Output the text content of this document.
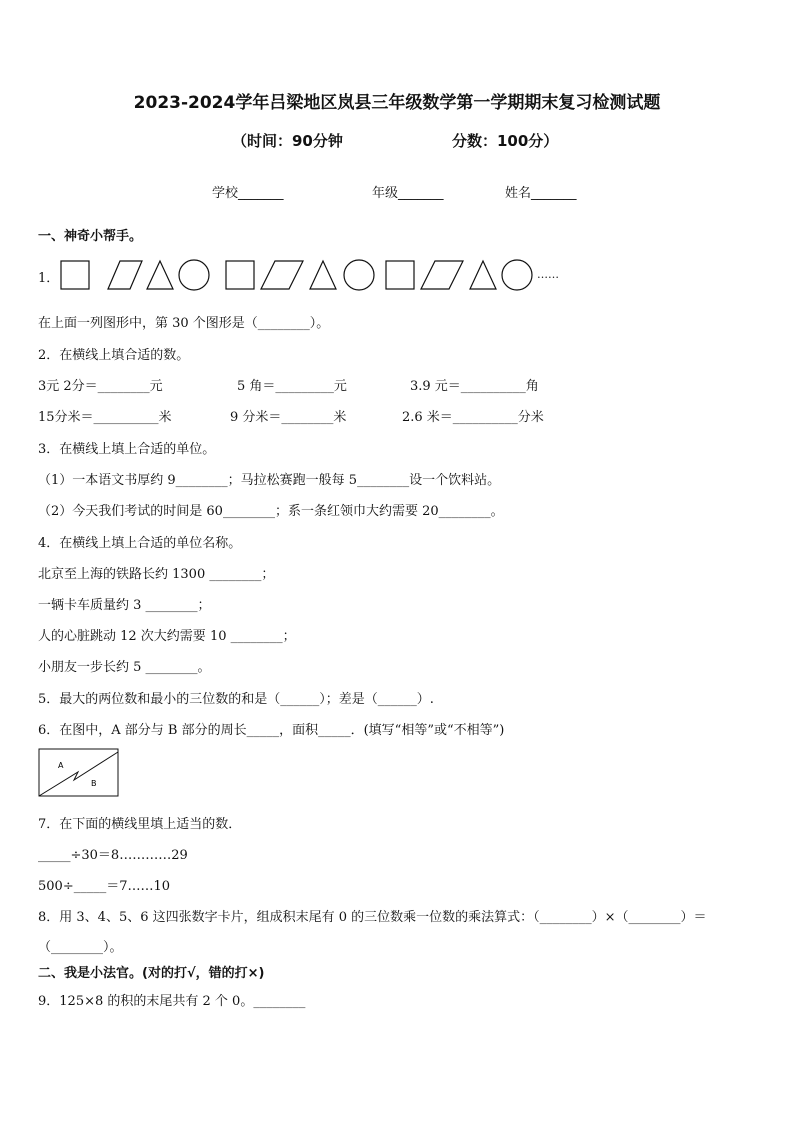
2023-2024学年吕梁地区岚县三年级数学第一学期期末复习检测试题
（时间：90分钟	分数：100分）
学校_______	年级_______	姓名_______
一、神奇小帮手。
1．	……
在上面一列图形中，第 30 个图形是（________）。
2．在横线上填合适的数。
3元 2分＝________元	5 角＝_________元	3.9 元＝__________角
15分米＝__________米	9 分米＝________米	2.6 米＝__________分米
3．在横线上填上合适的单位。
（1）一本语文书厚约 9________；马拉松赛跑一般每 5________设一个饮料站。
（2）今天我们考试的时间是 60________；系一条红领巾大约需要 20________。
4．在横线上填上合适的单位名称。
北京至上海的铁路长约 1300 ________；
一辆卡车质量约 3 ________；
人的心脏跳动 12 次大约需要 10 ________；
小朋友一步长约 5 ________。
5．最大的两位数和最小的三位数的和是（______）；差是（______）.
6．在图中，A 部分与 B 部分的周长_____，面积_____．(填写“相等”或“不相等”)
A
B
7．在下面的横线里填上适当的数．
_____÷30＝8…………29
500÷_____＝7……10
8．用 3、4、5、6 这四张数字卡片，组成积末尾有 0 的三位数乘一位数的乘法算式：（________）×（________）＝
（________）。
二、我是小法官。(对的打√，错的打×)
9．125×8 的积的末尾共有 2 个 0。________
